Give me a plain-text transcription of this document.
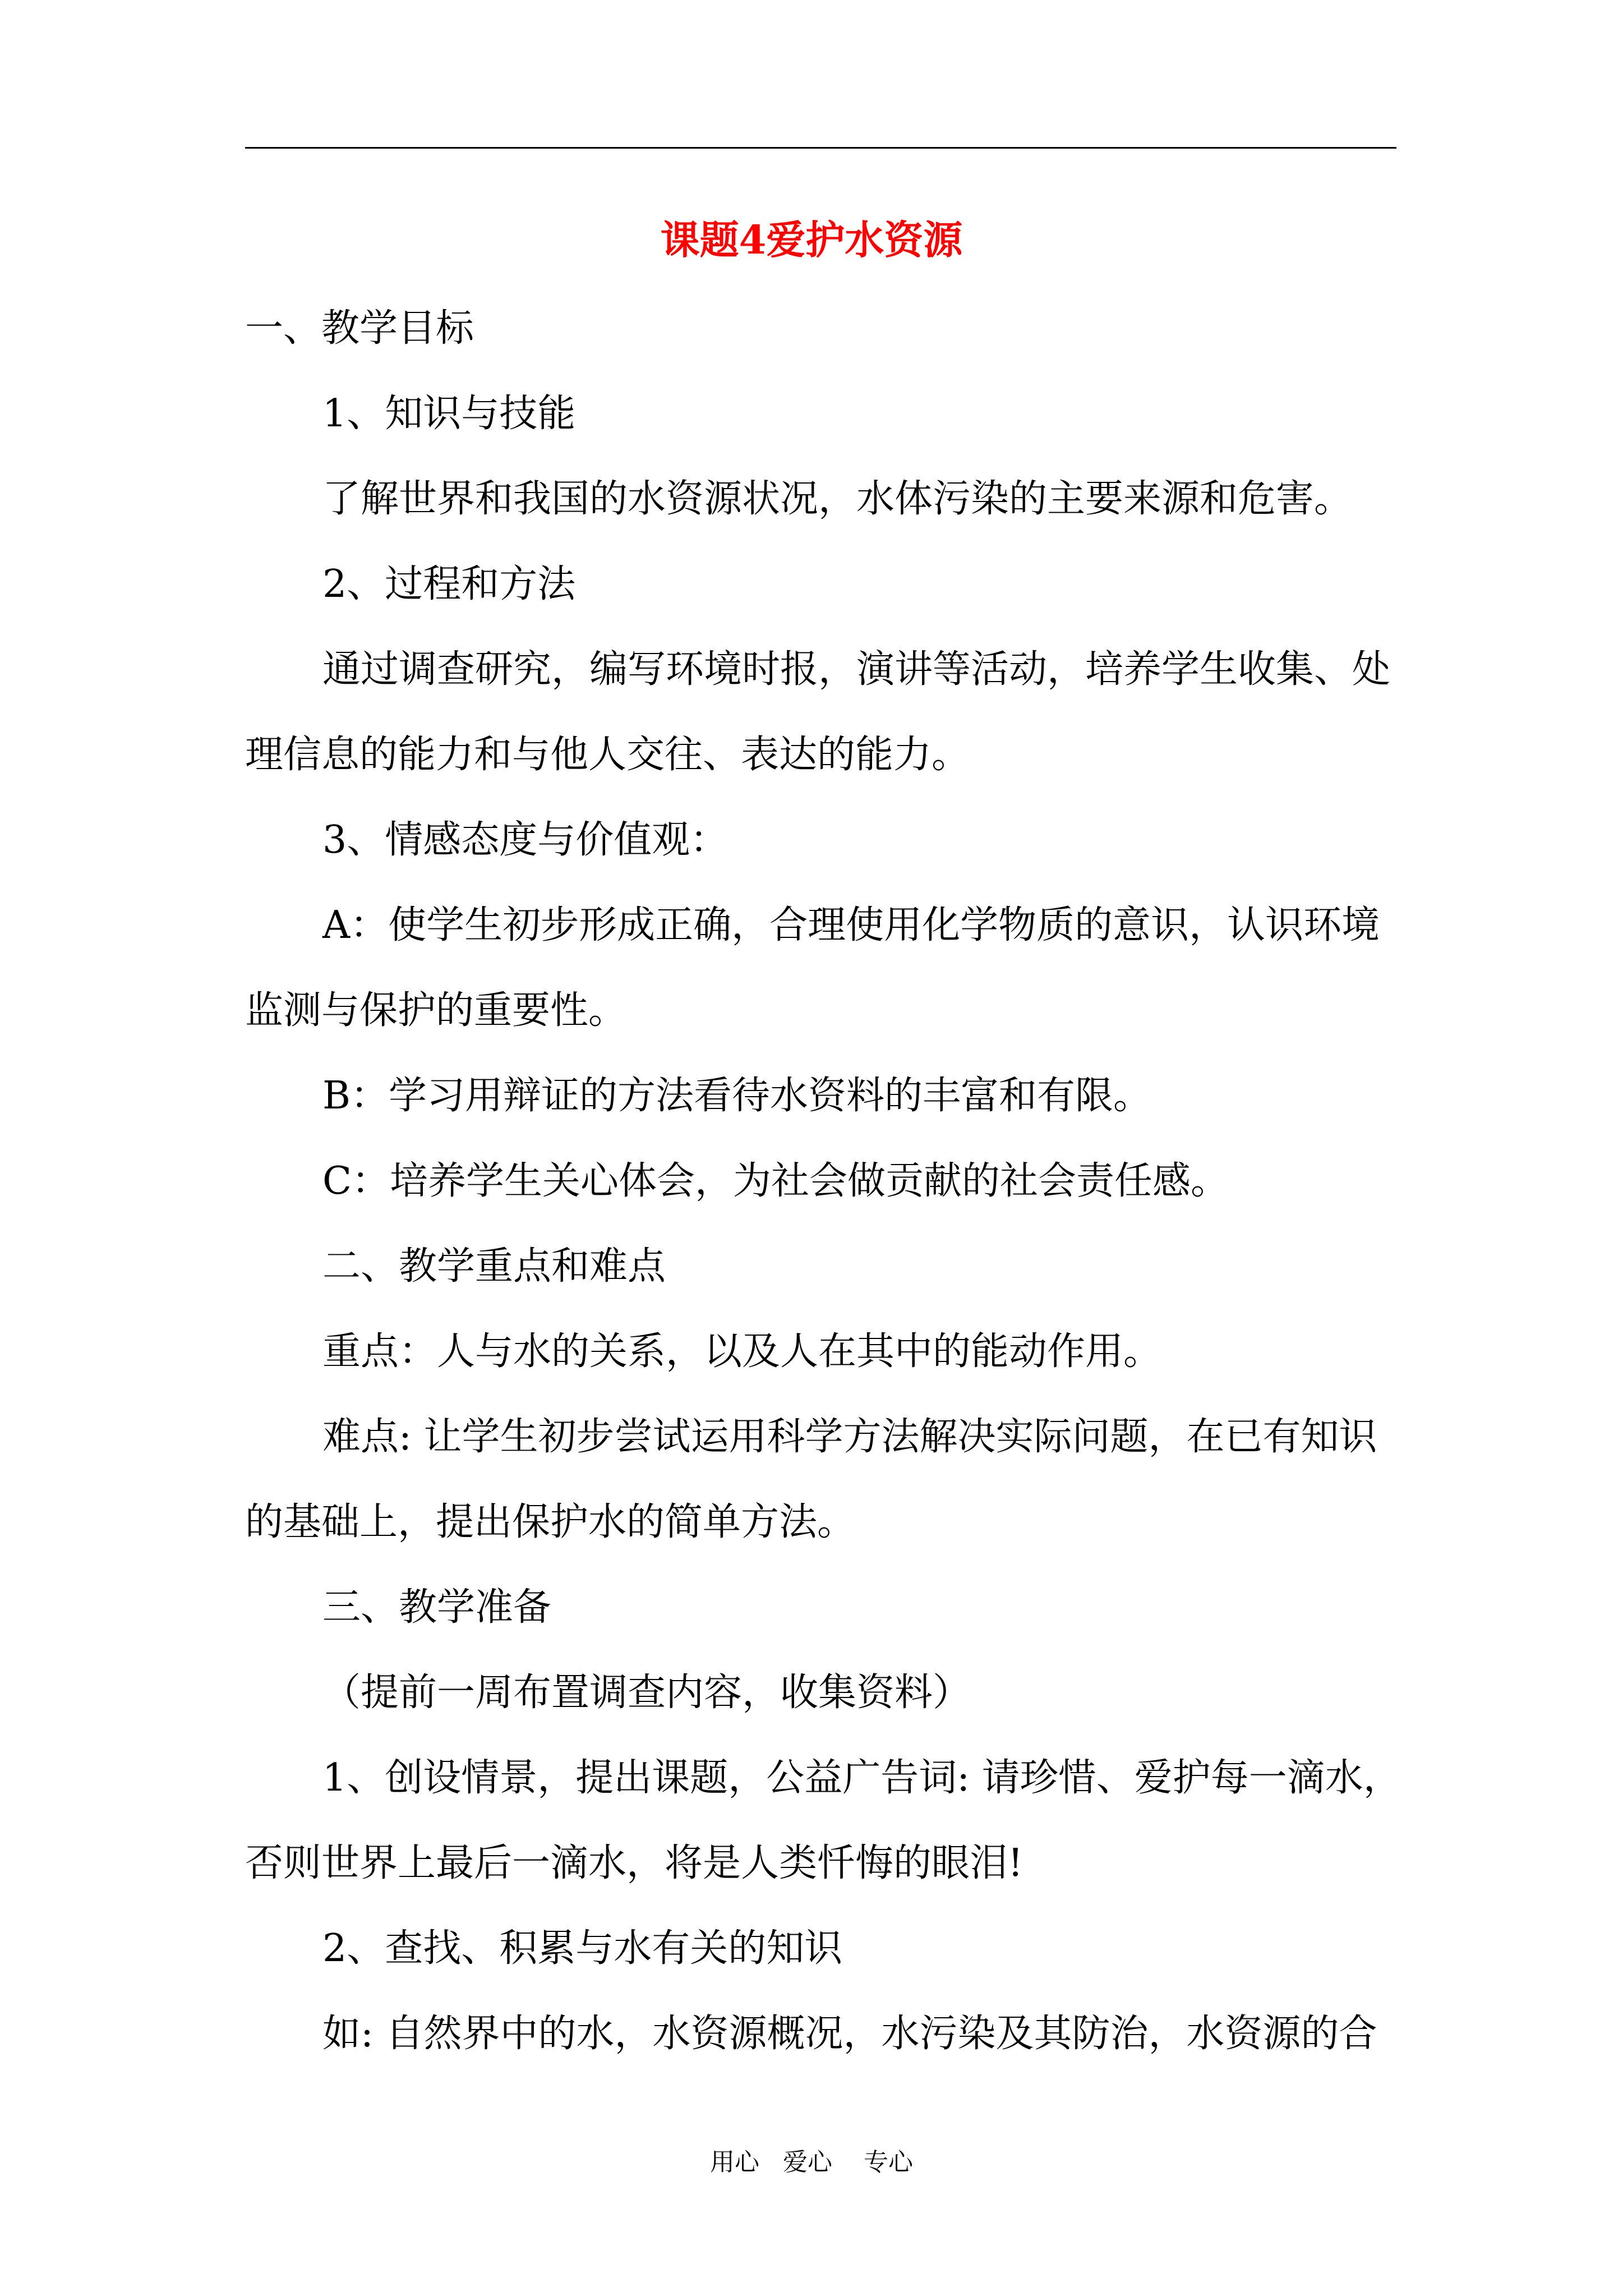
课题4爱护水资源
一、教学目标
1、知识与技能
了解世界和我国的水资源状况，水体污染的主要来源和危害。
2、过程和方法
通过调查研究，编写环境时报，演讲等活动，培养学生收集、处
理信息的能力和与他人交往、表达的能力。
3、情感态度与价值观：
A：使学生初步形成正确，合理使用化学物质的意识，认识环境
监测与保护的重要性。
B：学习用辩证的方法看待水资料的丰富和有限。
C：培养学生关心体会，为社会做贡献的社会责任感。
二、教学重点和难点
重点：人与水的关系，以及人在其中的能动作用。
难点: 让学生初步尝试运用科学方法解决实际问题，在已有知识
的基础上，提出保护水的简单方法。
三、教学准备
（提前一周布置调查内容，收集资料）
1、创设情景，提出课题，公益广告词: 请珍惜、爱护每一滴水，
否则世界上最后一滴水，将是人类忏悔的眼泪!
2、查找、积累与水有关的知识
如: 自然界中的水，水资源概况，水污染及其防治，水资源的合
用心   爱心    专心
